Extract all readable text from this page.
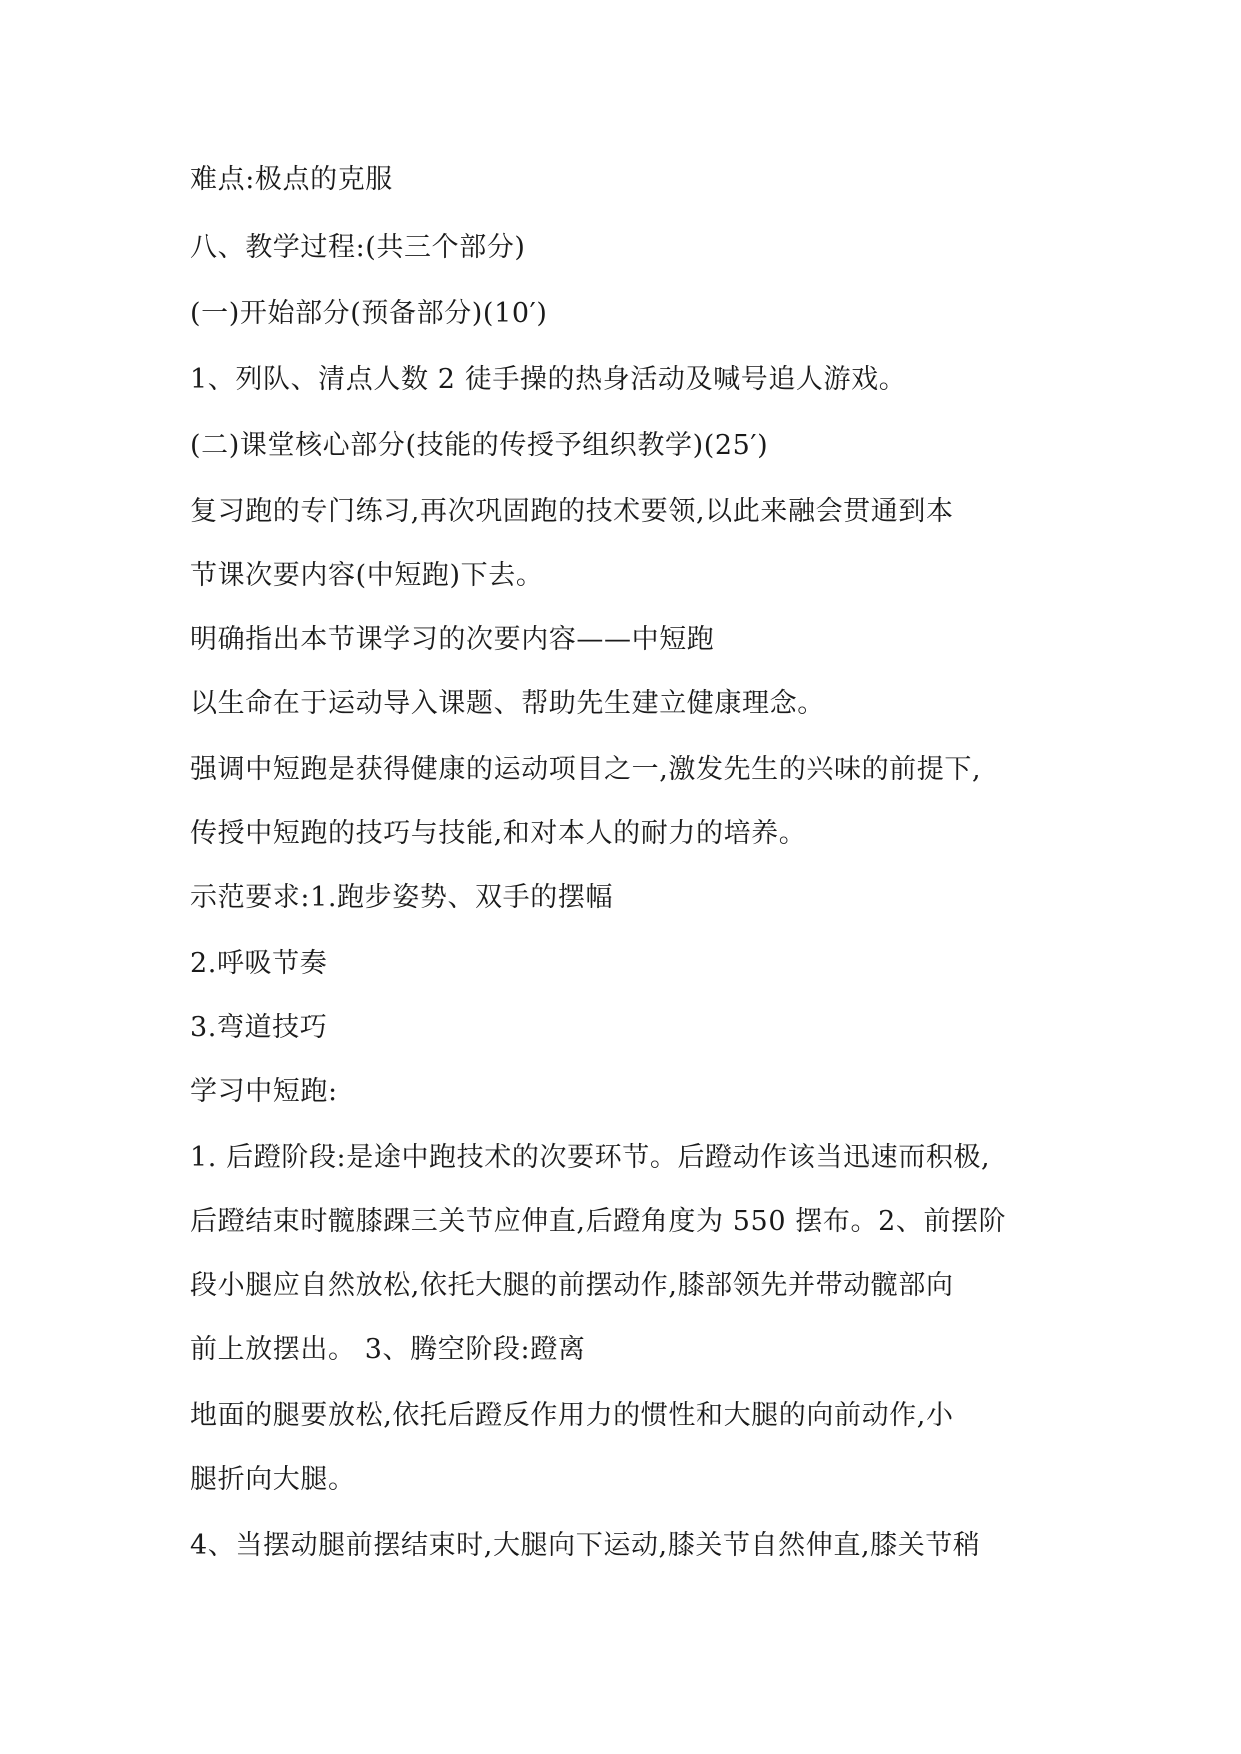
难点:极点的克服
八、教学过程:(共三个部分)
(一)开始部分(预备部分)(10′)
1、列队、清点人数 2 徒手操的热身活动及喊号追人游戏。
(二)课堂核心部分(技能的传授予组织教学)(25′)
复习跑的专门练习,再次巩固跑的技术要领,以此来融会贯通到本
节课次要内容(中短跑)下去。
明确指出本节课学习的次要内容——中短跑
以生命在于运动导入课题、帮助先生建立健康理念。
强调中短跑是获得健康的运动项目之一,激发先生的兴味的前提下,
传授中短跑的技巧与技能,和对本人的耐力的培养。
示范要求:1.跑步姿势、双手的摆幅
2.呼吸节奏
3.弯道技巧
学习中短跑:
1. 后蹬阶段:是途中跑技术的次要环节。后蹬动作该当迅速而积极,
后蹬结束时髋膝踝三关节应伸直,后蹬角度为 550 摆布。2、前摆阶
段小腿应自然放松,依托大腿的前摆动作,膝部领先并带动髋部向
前上放摆出。 3、腾空阶段:蹬离
地面的腿要放松,依托后蹬反作用力的惯性和大腿的向前动作,小
腿折向大腿。
4、当摆动腿前摆结束时,大腿向下运动,膝关节自然伸直,膝关节稍
